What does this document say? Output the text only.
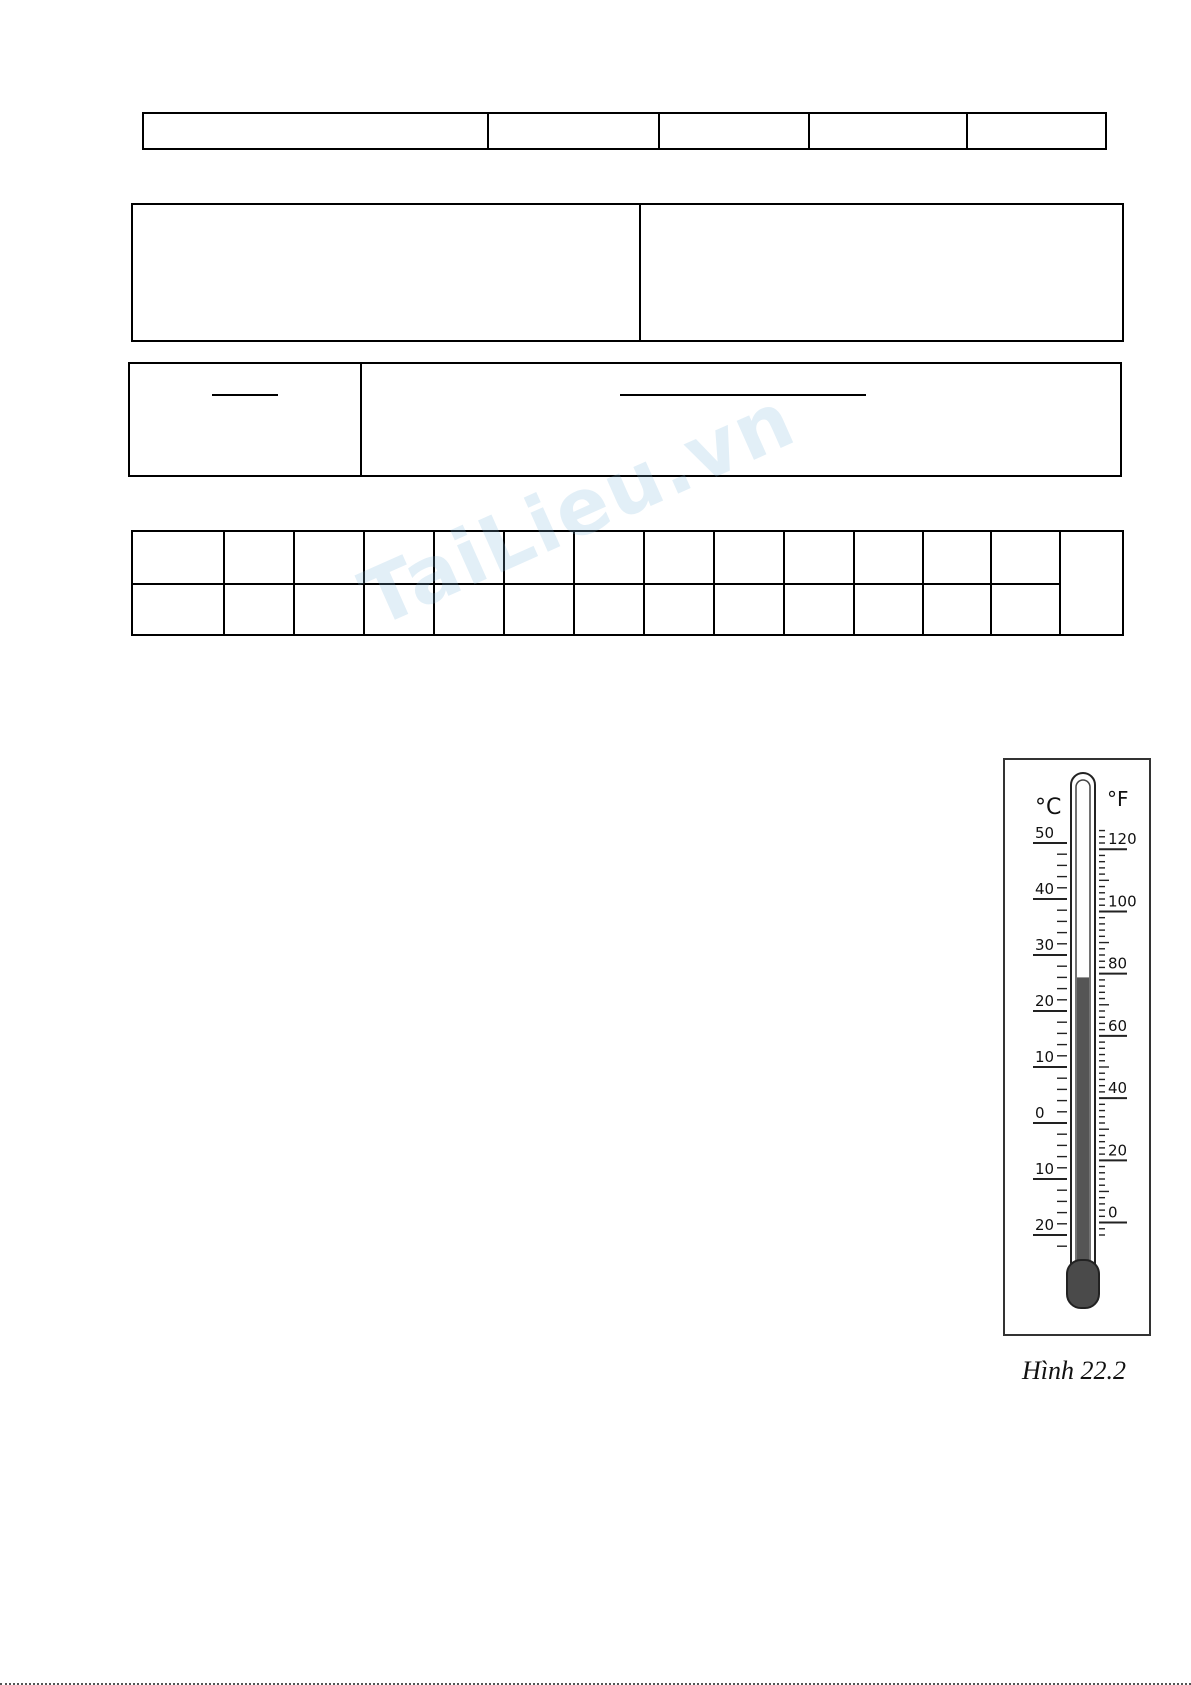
TaiLieu.vn
°C °F
50
40
30
20
10
0
10
20
120
100
80
60
40
20
0
Hình 22.2
